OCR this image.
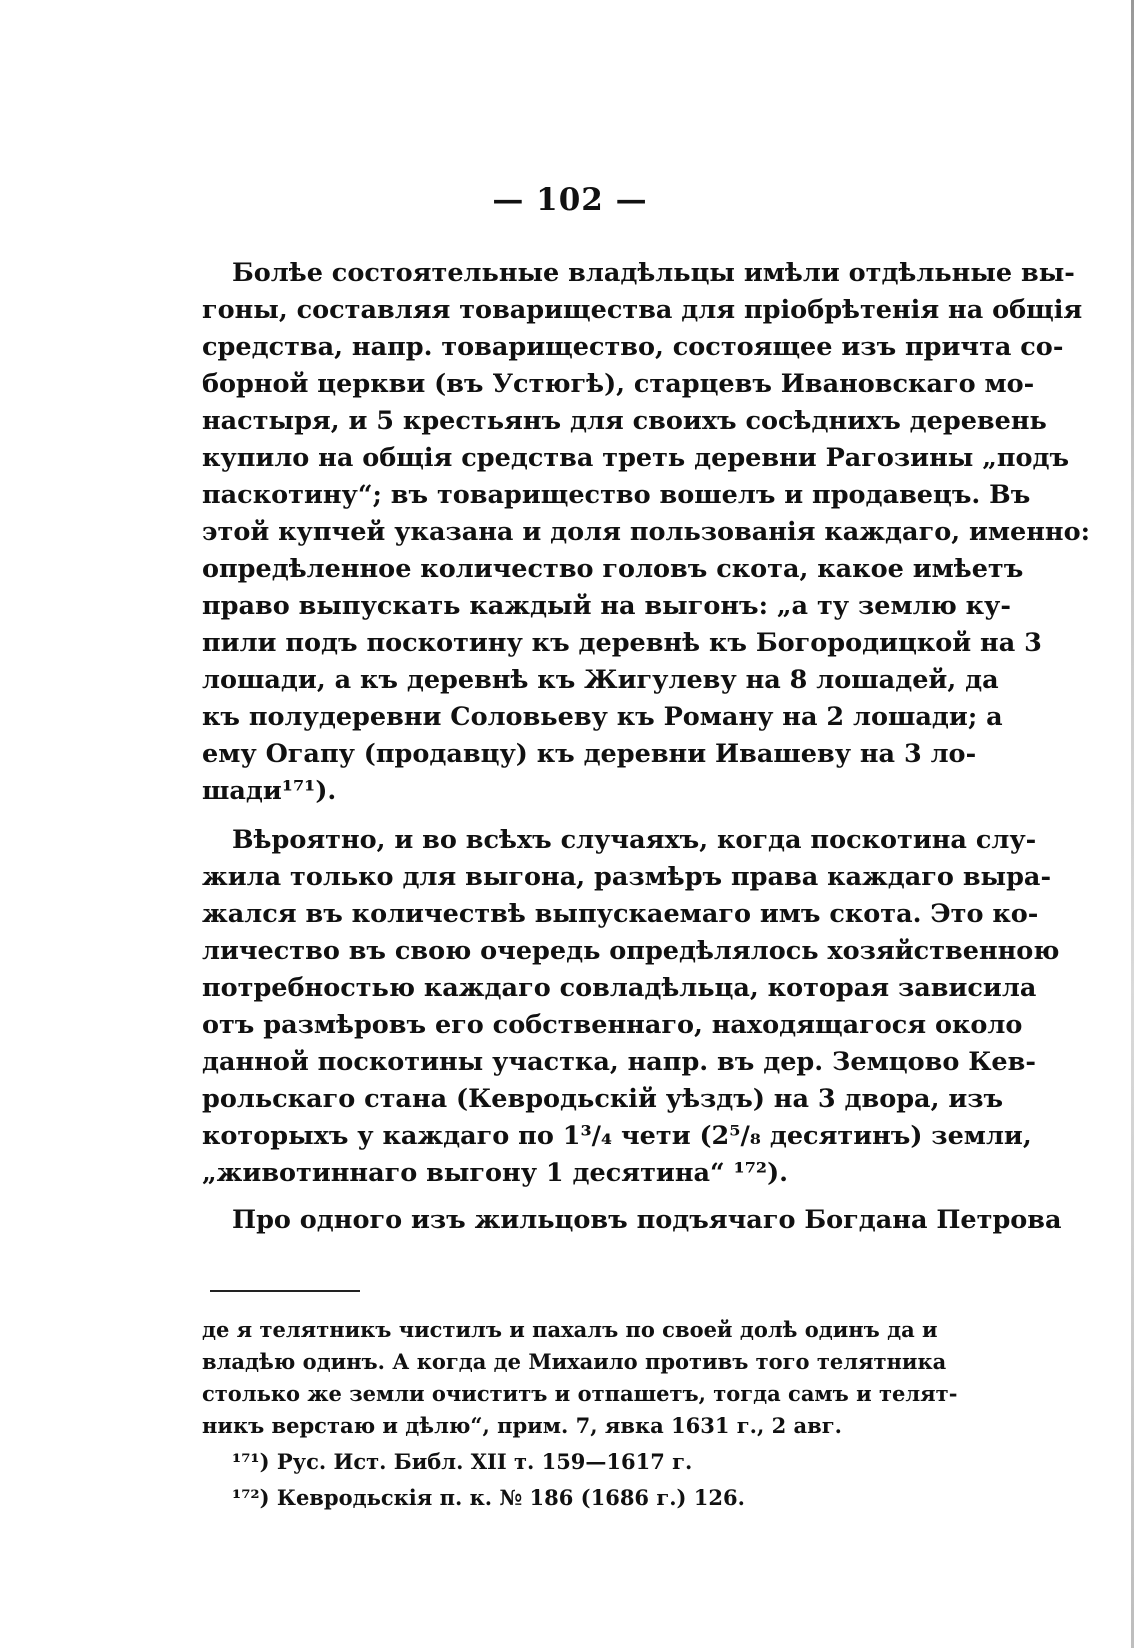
— 102 —
Болѣе состоятельные владѣльцы имѣли отдѣльные вы-
гоны, составляя товарищества для пріобрѣтенія на общія
средства, напр. товарищество, состоящее изъ причта со-
борной церкви (въ Устюгѣ), старцевъ Ивановскаго мо-
настыря, и 5 крестьянъ для своихъ сосѣднихъ деревень
купило на общія средства треть деревни Рагозины „подъ
паскотину“; въ товарищество вошелъ и продавецъ. Въ
этой купчей указана и доля пользованія каждаго, именно:
опредѣленное количество головъ скота, какое имѣетъ
право выпускать каждый на выгонъ: „а ту землю ку-
пили подъ поскотину къ деревнѣ къ Богородицкой на 3
лошади, а къ деревнѣ къ Жигулеву на 8 лошадей, да
къ полудеревни Соловьеву къ Роману на 2 лошади; а
ему Огапу (продавцу) къ деревни Ивашеву на 3 ло-
шади¹⁷¹).
Вѣроятно, и во всѣхъ случаяхъ, когда поскотина слу-
жила только для выгона, размѣръ права каждаго выра-
жался въ количествѣ выпускаемаго имъ скота. Это ко-
личество въ свою очередь опредѣлялось хозяйственною
потребностью каждаго совладѣльца, которая зависила
отъ размѣровъ его собственнаго, находящагося около
данной поскотины участка, напр. въ дер. Земцово Кев-
рольскаго стана (Кевродьскій уѣздъ) на 3 двора, изъ
которыхъ у каждаго по 1³/₄ чети (2⁵/₈ десятинъ) земли,
„животиннаго выгону 1 десятина“ ¹⁷²).
Про одного изъ жильцовъ подъячаго Богдана Петрова
де я телятникъ чистилъ и пахалъ по своей долѣ одинъ да и
владѣю одинъ. А когда де Михаило противъ того телятника
столько же земли очиститъ и отпашетъ, тогда самъ и телят-
никъ верстаю и дѣлю“, прим. 7, явка 1631 г., 2 авг.
¹⁷¹) Рус. Ист. Библ. XII т. 159—1617 г.
¹⁷²) Кевродьскія п. к. № 186 (1686 г.) 126.
